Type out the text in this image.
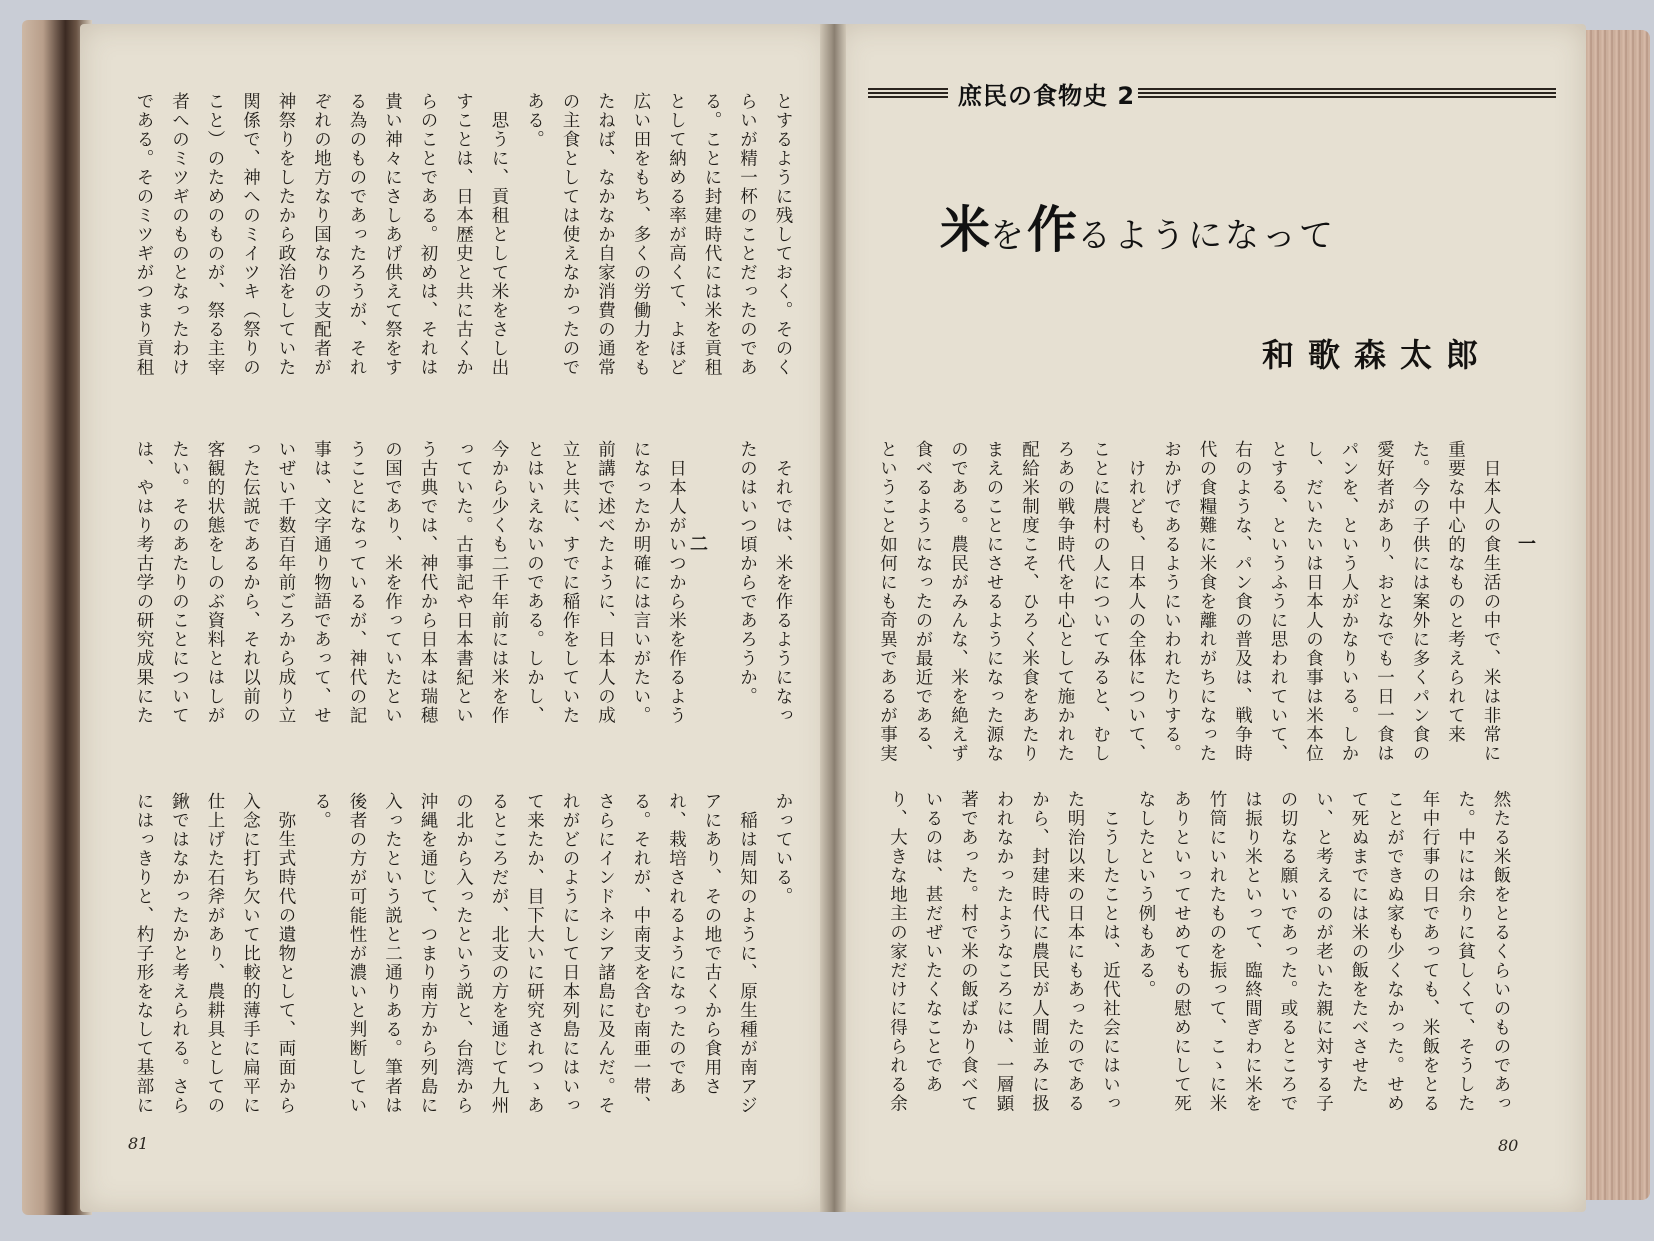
とするように残しておく。そのくらいが精一杯のことだったのである。ことに封建時代には米を貢租として納める率が高くて、よほど広い田をもち、多くの労働力をもたねば、なかなか自家消費の通常の主食としては使えなかったのである。
　思うに、貢租として米をさし出すことは、日本歴史と共に古くからのことである。初めは、それは貴い神々にさしあげ供えて祭をする為のものであったろうが、それぞれの地方なり国なりの支配者が神祭りをしたから政治をしていた関係で、神へのミイツキ（祭りのこと）のためのものが、祭る主宰者へのミツギのものとなったわけである。そのミツギがつまり貢租

　それでは、米を作るようになったのはいつ頃からであろうか。

　日本人がいつから米を作るようになったか明確には言いがたい。前講で述べたように、日本人の成立と共に、すでに稲作をしていたとはいえないのである。しかし、今から少くも二千年前には米を作っていた。古事記や日本書紀という古典では、神代から日本は瑞穂の国であり、米を作っていたということになっているが、神代の記事は、文字通り物語であって、せいぜい千数百年前ごろから成り立った伝説であるから、それ以前の客観的状態をしのぶ資料とはしがたい。そのあたりのことについては、やはり考古学の研究成果にた

二
かっている。
　稲は周知のように、原生種が南アジアにあり、その地で古くから食用され、栽培されるようになったのである。それが、中南支を含む南亜一帯、さらにインドネシア諸島に及んだ。それがどのようにして日本列島にはいって来たか、目下大いに研究されつゝあるところだが、北支の方を通じて九州の北から入ったという説と、台湾から沖縄を通じて、つまり南方から列島に入ったという説と二通りある。筆者は後者の方が可能性が濃いと判断している。
　弥生式時代の遺物として、両面から入念に打ち欠いて比較的薄手に扁平に仕上げた石斧があり、農耕具としての鍬ではなかったかと考えられる。さらにはっきりと、杓子形をなして基部に

81
庶民の食物史 2
米を作るようになって
和歌森太郎
一
　日本人の食生活の中で、米は非常に重要な中心的なものと考えられて来た。今の子供には案外に多くパン食の愛好者があり、おとなでも一日一食はパンを、という人がかなりいる。しかし、だいたいは日本人の食事は米本位とする、というふうに思われていて、右のような、パン食の普及は、戦争時代の食糧難に米食を離れがちになったおかげであるようにいわれたりする。
　けれども、日本人の全体について、ことに農村の人についてみると、むしろあの戦争時代を中心として施かれた配給米制度こそ、ひろく米食をあたりまえのことにさせるようになった源なのである。農民がみんな、米を絶えず食べるようになったのが最近である、ということ如何にも奇異であるが事実
然たる米飯をとるくらいのものであった。中には余りに貧しくて、そうした年中行事の日であっても、米飯をとることができぬ家も少くなかった。せめて死ぬまでには米の飯をたべさせたい、と考えるのが老いた親に対する子の切なる願いであった。或るところでは振り米といって、臨終間ぎわに米を竹筒にいれたものを振って、こゝに米ありといってせめてもの慰めにして死なしたという例もある。
　こうしたことは、近代社会にはいった明治以来の日本にもあったのであるから、封建時代に農民が人間並みに扱われなかったようなころには、一層顕著であった。村で米の飯ばかり食べているのは、甚だぜいたくなことであり、大きな地主の家だけに得られる余
80
